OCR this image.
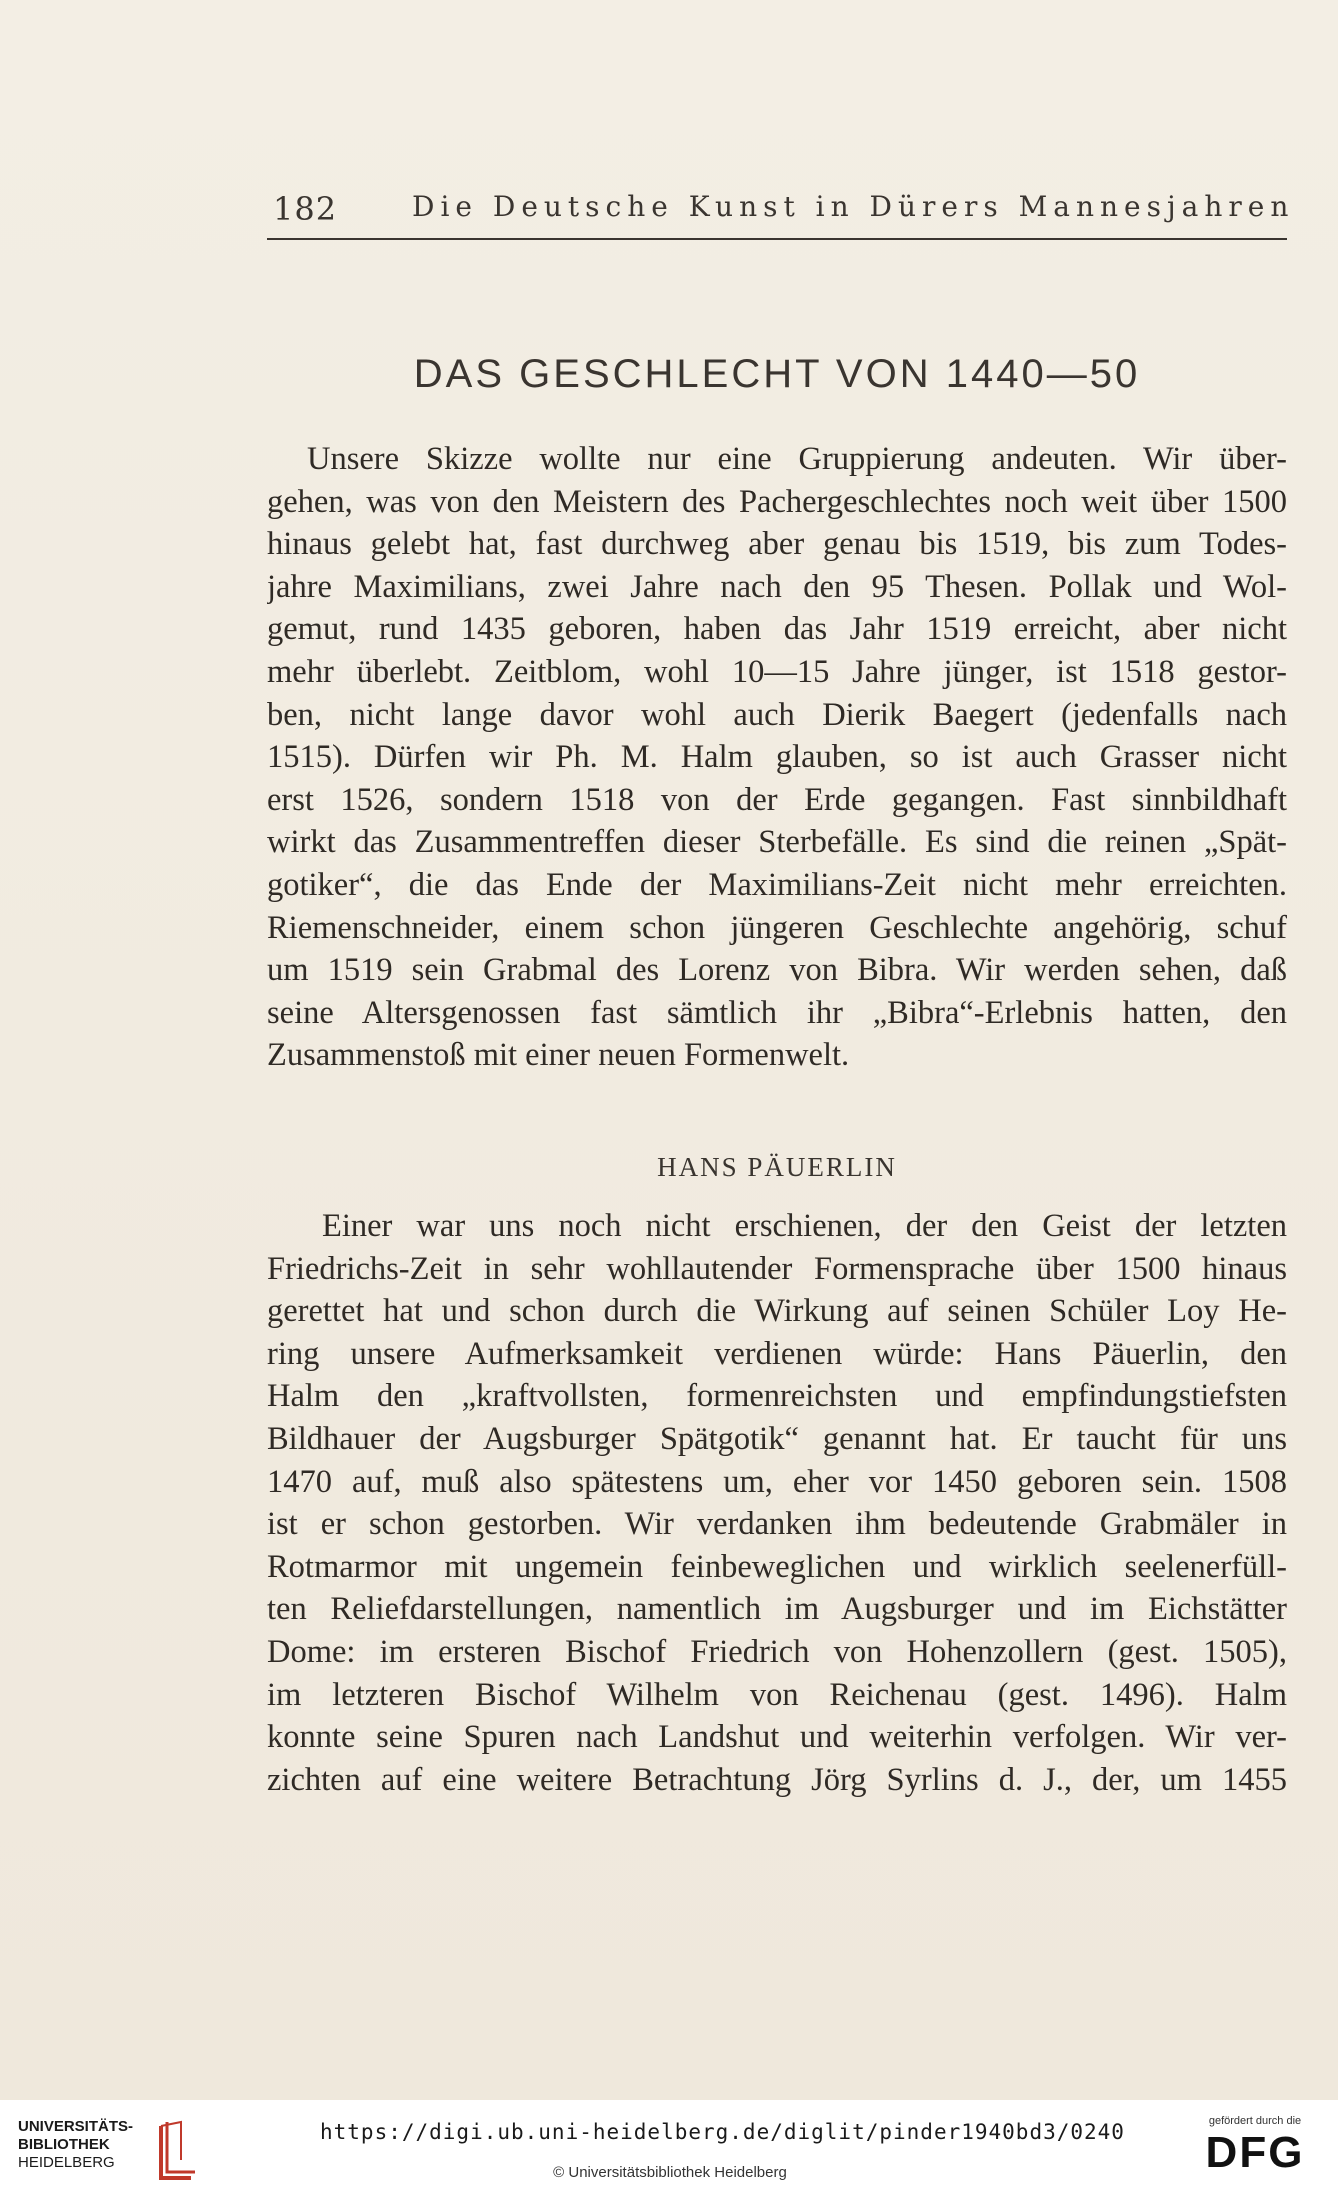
182	Die Deutsche Kunst in Dürers Mannesjahren
DAS GESCHLECHT VON 1440—50
Unsere Skizze wollte nur eine Gruppierung andeuten. Wir über-
gehen, was von den Meistern des Pachergeschlechtes noch weit über 1500
hinaus gelebt hat, fast durchweg aber genau bis 1519, bis zum Todes-
jahre Maximilians, zwei Jahre nach den 95 Thesen. Pollak und Wol-
gemut, rund 1435 geboren, haben das Jahr 1519 erreicht, aber nicht
mehr überlebt. Zeitblom, wohl 10—15 Jahre jünger, ist 1518 gestor-
ben, nicht lange davor wohl auch Dierik Baegert (jedenfalls nach
1515). Dürfen wir Ph. M. Halm glauben, so ist auch Grasser nicht
erst 1526, sondern 1518 von der Erde gegangen. Fast sinnbildhaft
wirkt das Zusammentreffen dieser Sterbefälle. Es sind die reinen „Spät-
gotiker“, die das Ende der Maximilians-Zeit nicht mehr erreichten.
Riemenschneider, einem schon jüngeren Geschlechte angehörig, schuf
um 1519 sein Grabmal des Lorenz von Bibra. Wir werden sehen, daß
seine Altersgenossen fast sämtlich ihr „Bibra“-Erlebnis hatten, den
Zusammenstoß mit einer neuen Formenwelt.
HANS PÄUERLIN
Einer war uns noch nicht erschienen, der den Geist der letzten
Friedrichs-Zeit in sehr wohllautender Formensprache über 1500 hinaus
gerettet hat und schon durch die Wirkung auf seinen Schüler Loy He-
ring unsere Aufmerksamkeit verdienen würde: Hans Päuerlin, den
Halm den „kraftvollsten, formenreichsten und empfindungstiefsten
Bildhauer der Augsburger Spätgotik“ genannt hat. Er taucht für uns
1470 auf, muß also spätestens um, eher vor 1450 geboren sein. 1508
ist er schon gestorben. Wir verdanken ihm bedeutende Grabmäler in
Rotmarmor mit ungemein feinbeweglichen und wirklich seelenerfüll-
ten Reliefdarstellungen, namentlich im Augsburger und im Eichstätter
Dome: im ersteren Bischof Friedrich von Hohenzollern (gest. 1505),
im letzteren Bischof Wilhelm von Reichenau (gest. 1496). Halm
konnte seine Spuren nach Landshut und weiterhin verfolgen. Wir ver-
zichten auf eine weitere Betrachtung Jörg Syrlins d. J., der, um 1455
UNIVERSITÄTS-
BIBLIOTHEK
HEIDELBERG
https://digi.ub.uni-heidelberg.de/diglit/pinder1940bd3/0240
© Universitätsbibliothek Heidelberg
gefördert durch die
DFG
